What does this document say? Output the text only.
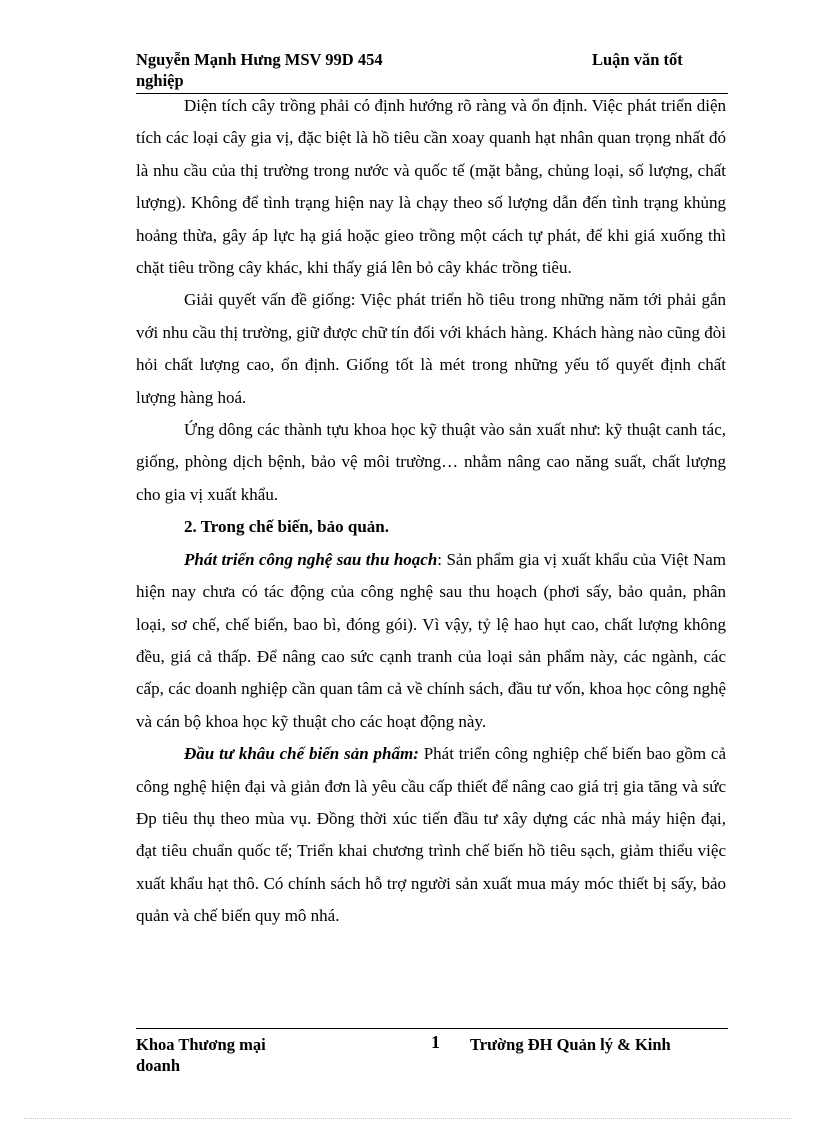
Nguyễn Mạnh Hưng MSV 99D 454	Luận văn tốt
nghiệp

Diện tích cây trồng phải có định hướng rõ ràng và ổn định. Việc phát triển diện tích các loại cây gia vị, đặc biệt là hồ tiêu cần xoay quanh hạt nhân quan trọng nhất đó là nhu cầu của thị trường trong nước và quốc tế (mặt bằng, chủng loại, số lượng, chất lượng). Không để tình trạng hiện nay là chạy theo số lượng dẫn đến tình trạng khủng hoảng thừa, gây áp lực hạ giá hoặc gieo trồng một cách tự phát, để khi giá xuống thì chặt tiêu trồng cây khác, khi thấy giá lên bỏ cây khác trồng tiêu.

Giải quyết vấn đề giống: Việc phát triển hồ tiêu trong những năm tới phải gắn với nhu cầu thị trường, giữ được chữ tín đối với khách hàng. Khách hàng nào cũng đòi hỏi chất lượng cao, ổn định. Giống tốt là mét trong những yếu tố quyết định chất lượng hàng hoá.

Ứng dông các thành tựu khoa học kỹ thuật vào sản xuất như: kỹ thuật canh tác, giống, phòng dịch bệnh, bảo vệ môi trường… nhằm nâng cao năng suất, chất lượng cho gia vị xuất khẩu.

2. Trong chế biến, bảo quản.

Phát triển công nghệ sau thu hoạch: Sản phẩm gia vị xuất khẩu của Việt Nam hiện nay chưa có tác động của công nghệ sau thu hoạch (phơi sấy, bảo quản, phân loại, sơ chế, chế biến, bao bì, đóng gói). Vì vậy, tỷ lệ hao hụt cao, chất lượng không đều, giá cả thấp. Để nâng cao sức cạnh tranh của loại sản phẩm này, các ngành, các cấp, các doanh nghiệp cần quan tâm cả về chính sách, đầu tư vốn, khoa học công nghệ và cán bộ khoa học kỹ thuật cho các hoạt động này.

Đầu tư khâu chế biến sản phẩm: Phát triển công nghiệp chế biến bao gồm cả công nghệ hiện đại và giản đơn là yêu cầu cấp thiết để nâng cao giá trị gia tăng và sức Đp tiêu thụ theo mùa vụ. Đồng thời xúc tiến đầu tư xây dựng các nhà máy hiện đại, đạt tiêu chuẩn quốc tế; Triển khai chương trình chế biến hồ tiêu sạch, giảm thiểu việc xuất khẩu hạt thô. Có chính sách hỗ trợ người sản xuất mua máy móc thiết bị sấy, bảo quản và chế biến quy mô nhá.

Khoa Thương mại
doanh
1 Trường ĐH Quản lý & Kinh
